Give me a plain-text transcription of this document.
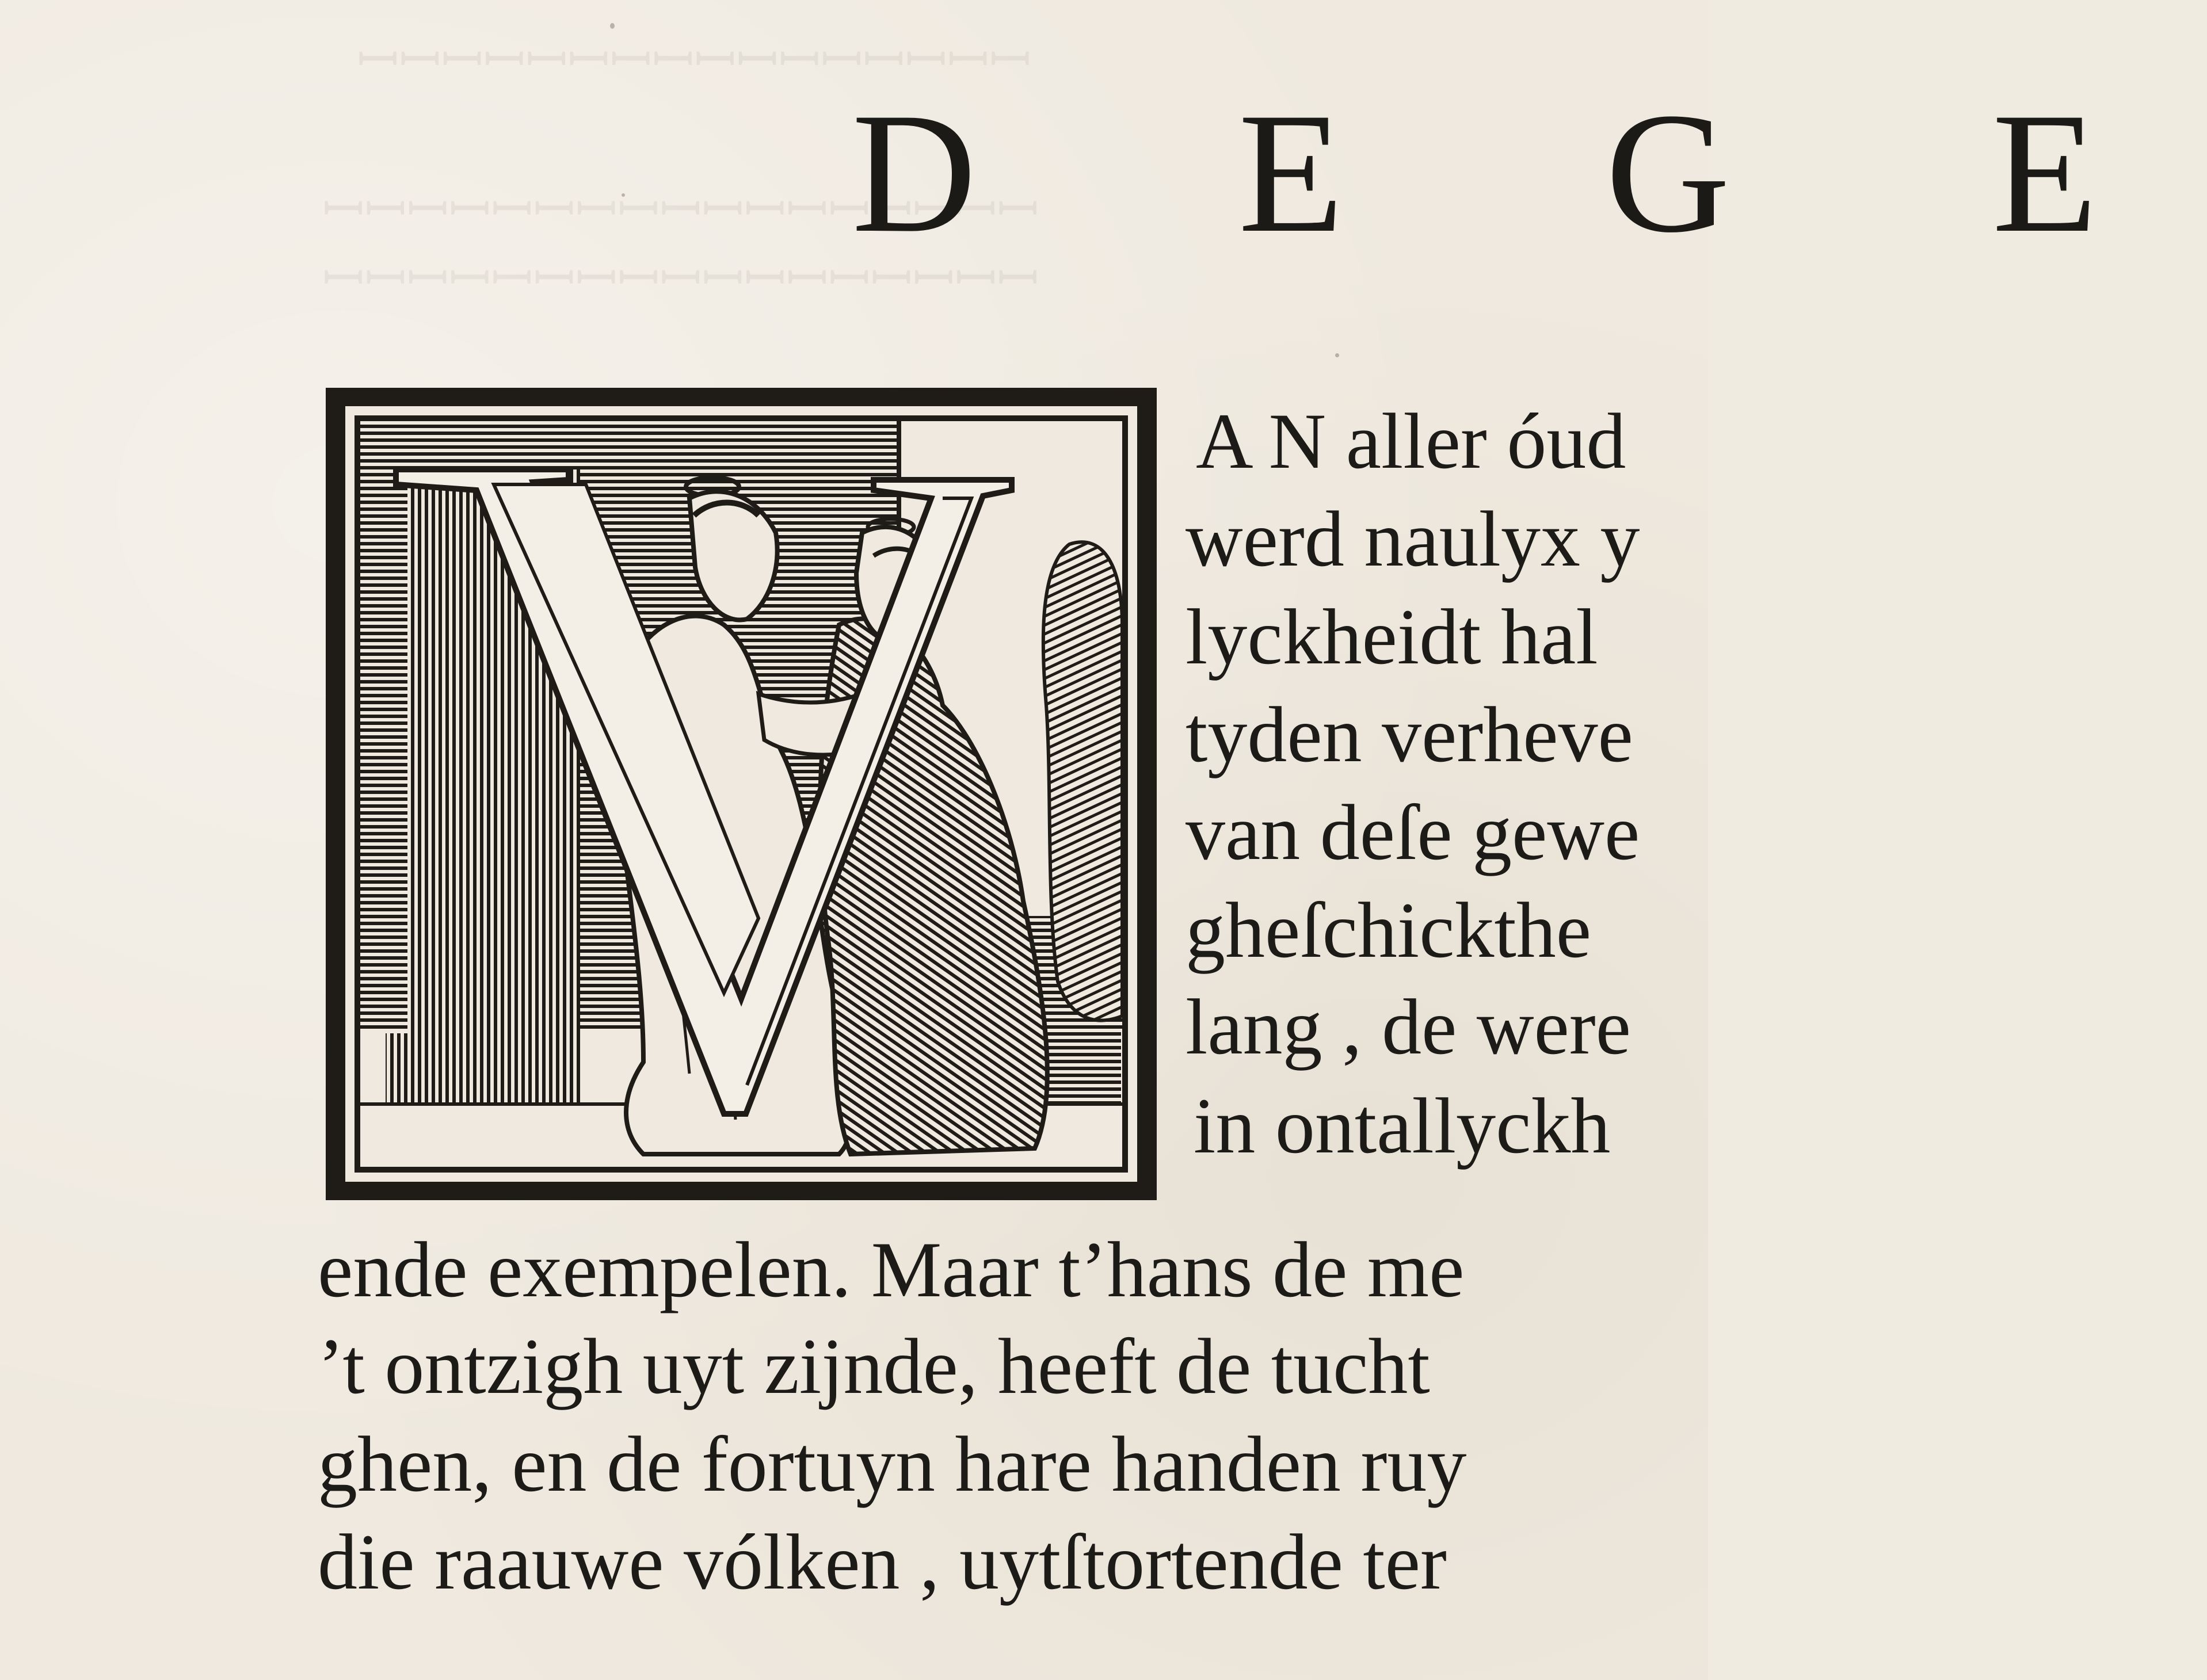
ꟷꟷꟷꟷꟷꟷꟷꟷꟷꟷꟷꟷꟷꟷꟷꟷ
ꟷꟷꟷꟷꟷꟷꟷꟷꟷꟷꟷꟷꟷꟷꟷꟷꟷ
ꟷꟷꟷꟷꟷꟷꟷꟷꟷꟷꟷꟷꟷꟷꟷꟷꟷ
D E G E
A N aller óud
werd naulyx y
lyckheidt hal
tyden verheve
van deſe gewe
gheſchickthe
lang , de were
in ontallyckh
ende exempelen. Maar t’hans de me
’t ontzigh uyt zijnde, heeft de tucht
ghen, en de fortuyn hare handen ruy
die raauwe vólken , uytſtortende ter
